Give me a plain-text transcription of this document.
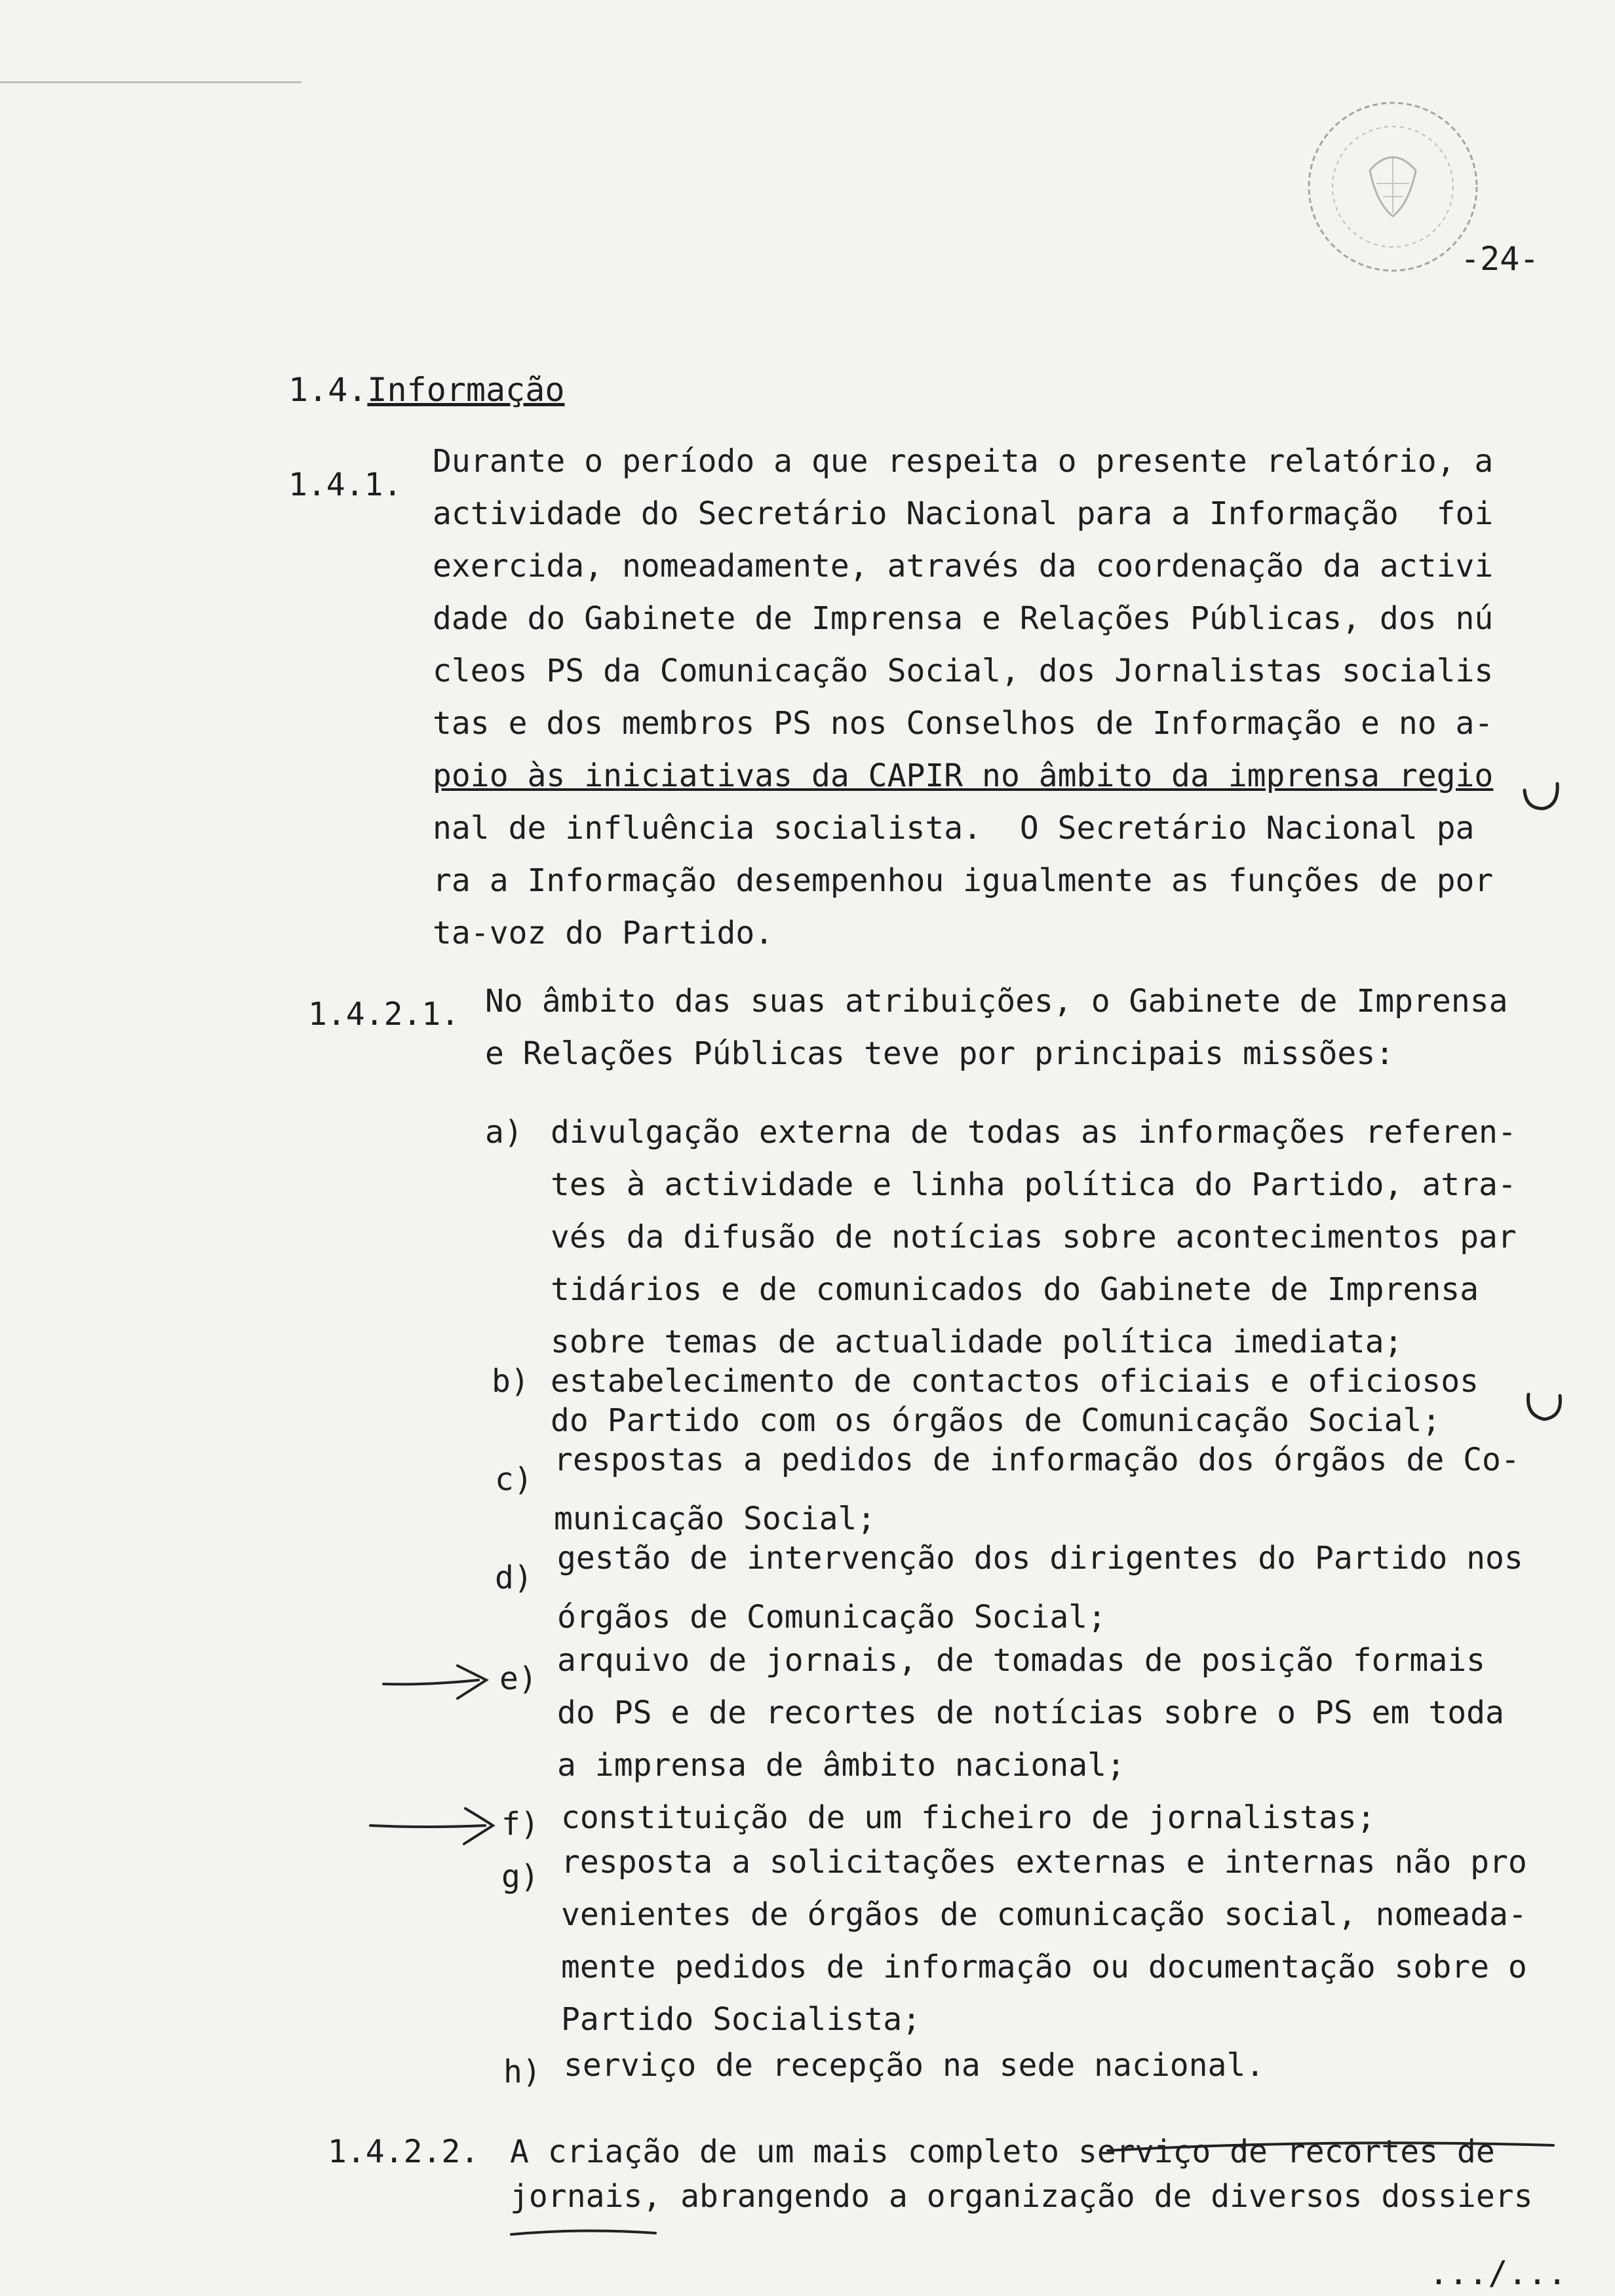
-24-
1.4.Informação
1.4.1.
Durante o período a que respeita o presente relatório, a
actividade do Secretário Nacional para a Informação  foi
exercida, nomeadamente, através da coordenação da activi
dade do Gabinete de Imprensa e Relações Públicas, dos nú
cleos PS da Comunicação Social, dos Jornalistas socialis
tas e dos membros PS nos Conselhos de Informação e no a-
poio às iniciativas da CAPIR no âmbito da imprensa regio
nal de influência socialista.  O Secretário Nacional pa
ra a Informação desempenhou igualmente as funções de por
ta-voz do Partido.
1.4.2.1. No âmbito das suas atribuições, o Gabinete de Imprensa
e Relações Públicas teve por principais missões:
a) divulgação externa de todas as informações referen-
tes à actividade e linha política do Partido, atra-
vés da difusão de notícias sobre acontecimentos par
tidários e de comunicados do Gabinete de Imprensa
sobre temas de actualidade política imediata;
b) estabelecimento de contactos oficiais e oficiosos
do Partido com os órgãos de Comunicação Social;
c)
respostas a pedidos de informação dos órgãos de Co-
municação Social;
d)
gestão de intervenção dos dirigentes do Partido nos
órgãos de Comunicação Social;
e) arquivo de jornais, de tomadas de posição formais
do PS e de recortes de notícias sobre o PS em toda
a imprensa de âmbito nacional;
f) constituição de um ficheiro de jornalistas;
g) resposta a solicitações externas e internas não pro
venientes de órgãos de comunicação social, nomeada-
mente pedidos de informação ou documentação sobre o
Partido Socialista;
h) serviço de recepção na sede nacional.
1.4.2.2. A criação de um mais completo serviço de recortes de
jornais, abrangendo a organização de diversos dossiers
.../...
